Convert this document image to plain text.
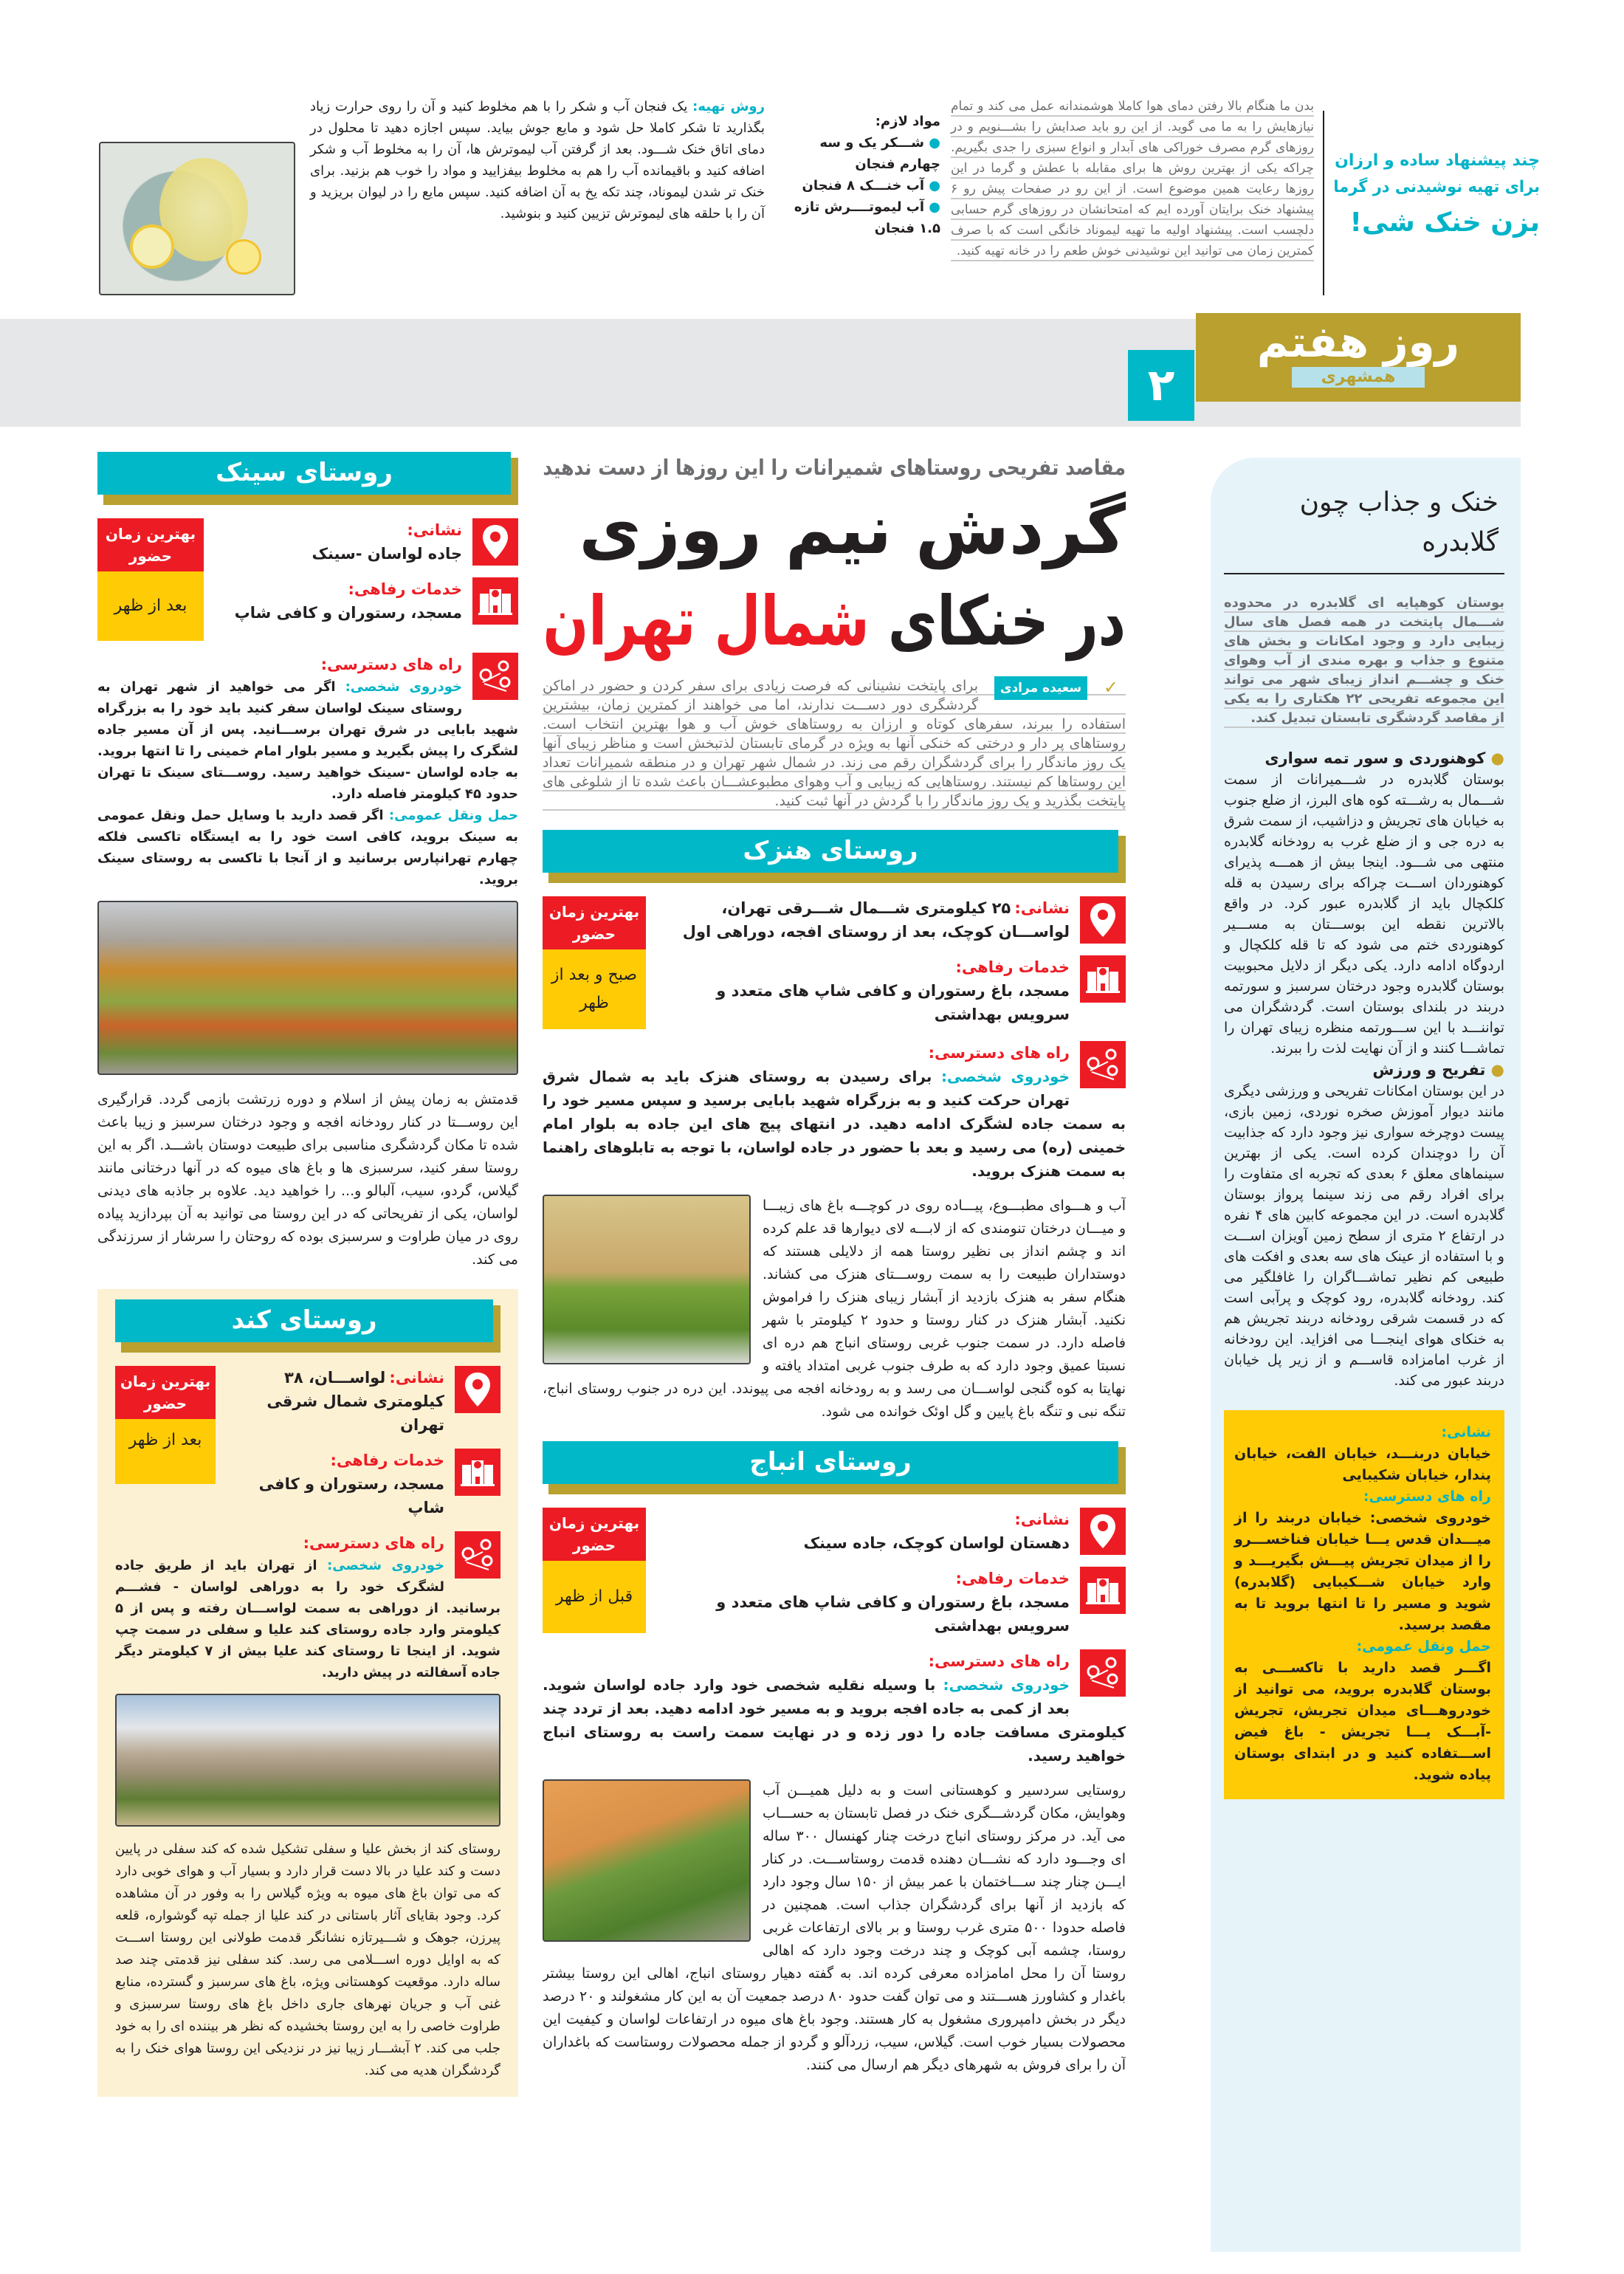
چند پیشنهاد ساده و ارزان
برای تهیه نوشیدنی در گرما
بزن خنک شی!
بدن ما هنگام بالا رفتن دمای هوا کاملا هوشمندانه عمل می کند و تمام نیازهایش را به ما می گوید. از این رو باید صدایش را بشـــنویم و در روزهای گرم مصرف خوراکی های آبدار و انواع سبزی را جدی بگیریم. چراکه یکی از بهترین روش ها برای مقابله با عطش و گرما در این روزها رعایت همین موضوع است. از این رو در صفحات پیش رو ۶ پیشنهاد خنک برایتان آورده ایم که امتحانشان در روزهای گرم حسابی دلچسب است. پیشنهاد اولیه ما تهیه لیموناد خانگی است که با صرف کمترین زمان می توانید این نوشیدنی خوش طعم را در خانه تهیه کنید.
مواد لازم:
● شـــکر یک و سه چهارم فنجان
● آب خنـــک ۸ فنجان
● آب لیموتــــرش تازه ۱.۵ فنجان
روش تهیه: یک فنجان آب و شکر را با هم مخلوط کنید و آن را روی حرارت زیاد بگذارید تا شکر کاملا حل شود و مایع جوش بیاید. سپس اجازه دهید تا محلول در دمای اتاق خنک شـــود. بعد از گرفتن آب لیموترش ها، آن را به مخلوط آب و شکر اضافه کنید و باقیمانده آب را هم به مخلوط بیفزایید و مواد را خوب هم بزنید. برای خنک تر شدن لیموناد، چند تکه یخ به آن اضافه کنید. سپس مایع را در لیوان بریزید و آن را با حلقه های لیموترش تزیین کنید و بنوشید.
روز هفتم
همشهری
۲
خنک و جذاب چون گلابدره
بوستان کوهپایه ای گلابدره در محدوده شـــمال پایتخت در همه فصل های سال زیبایی دارد و وجود امکانات و بخش های متنوع و جذاب و بهره مندی از آب وهوای خنک و چشـــم انداز زیبای شهر می تواند این مجموعه تفریحی ۲۲ هکتاری را به یکی از مقاصد گردشگری تابستان تبدیل کند.
● کوهنوردی و سور تمه سواری
بوستان گلابدره در شـــمیرانات از سمت شـــمال به رشـــته کوه های البرز، از ضلع جنوب به خیابان های تجریش و دزاشیب، از سمت شرق به دره جی و از ضلع غرب به رودخانه گلابدره منتهی می شـــود. اینجا بیش از همـــه پذیرای کوهنوردان اســـت چراکه برای رسیدن به قله کلکچال باید از گلابدره عبور کرد. در واقع بالاترین نقطه این بوســـتان به مســـیر کوهنوردی ختم می شود که تا قله کلکچال و اردوگاه ادامه دارد. یکی دیگر از دلایل محبوبیت بوستان گلابدره وجود درختان سرسبز و سورتمه دربند در بلندای بوستان است. گردشگران می تواننـــد با این ســـورتمه منظره زیبای تهران را تماشـــا کنند و از آن نهایت لذت را ببرند.
● تفریح و ورزش
در این بوستان امکانات تفریحی و ورزشی دیگری مانند دیوار آموزش صخره نوردی، زمین بازی، پیست دوچرخه سواری نیز وجود دارد که جذابیت آن را دوچندان کرده است. یکی از بهترین سینماهای معلق ۶ بعدی که تجربه ای متفاوت را برای افراد رقم می زند سینما پرواز بوستان گلابدره است. در این مجموعه کابین های ۴ نفره در ارتفاع ۲ متری از سطح زمین آویزان اســـت و با استفاده از عینک های سه بعدی و افکت های طبیعی کم نظیر تماشـــاگران را غافلگیر می کند. رودخانه گلابدره، رود کوچک و پرآبی است که در قسمت شرقی رودخانه دربند تجریش هم به خنکای هوای اینجـــا می افزاید. این رودخانه از غرب امامزاده قاســـم و از زیر پل خیابان دربند عبور می کند.
نشانی:
خیابان دربنـــد، خیابان الفت، خیابان پندار، خیابان شکیبایی
راه های دسترسی:
خودروی شخصی: خیابان دربند را از میـــدان قدس یـــا خیابان فناخســـرو را از میدان تجریش پیـــش بگیریـــد و وارد خیابان شـــکیبایی (گلابدره) شوید و مسیر را تا انتها بروید تا به مقصد برسید.
حمل ونقل عمومی:
اگـــر قصد دارید با تاکســـی به بوستان گلابدره بروید، می توانید از خودروهـــای میدان تجریش، تجریش -آبـــک یـــا تجریش - باغ فیض اســـتفاده کنید و در ابتدای بوستان پیاده شوید.
مقاصد تفریحی روستاهای شمیرانات را این روزها از دست ندهید
گردش نیم روزی
در خنکای شمال تهران
سعیده مرادی	✓
برای پایتخت نشینانی که فرصت زیادی برای سفر کردن و حضور در اماکن گردشگری دور دســـت ندارند، اما می خواهند از کمترین زمان، بیشترین استفاده را ببرند، سفرهای کوتاه و ارزان به روستاهای خوش آب و هوا بهترین انتخاب است. روستاهای پر دار و درختی که خنکی آنها به ویژه در گرمای تابستان لذتبخش است و مناظر زیبای آنها یک روز ماندگار را برای گردشگران رقم می زند. در شمال شهر تهران و در منطقه شمیرانات تعداد این روستاها کم نیستند. روستاهایی که زیبایی و آب وهوای مطبوعشـــان باعث شده تا از شلوغی های پایتخت بگذرید و یک روز ماندگار را با گردش در آنها ثبت کنید.
روستای هنزک
نشانی: ۲۵ کیلومتری شـــمال شـــرقی تهران، لواســـان کوچک، بعد از روستای افجه، دوراهی اول
خدمات رفاهی:
مسجد، باغ رستوران و کافی شاپ های متعدد و سرویس بهداشتی
بهترین زمان حضور
صبح و بعد از ظهر
راه های دسترسی:
خودروی شخصی: برای رسیدن به روستای هنزک باید به شمال شرق تهران حرکت کنید و به بزرگراه شهید بابایی برسید و سپس مسیر خود را به سمت جاده لشگرک ادامه دهید. در انتهای پیچ های این جاده به بلوار امام خمینی (ره) می رسید و بعد با حضور در جاده لواسان، با توجه به تابلوهای راهنما به سمت هنزک بروید.
آب و هـــوای مطبـــوع، پیـــاده روی در کوچـــه باغ های زیبـــا و میـــان درختان تنومندی که از لابـــه لای دیوارها قد علم کرده اند و چشم انداز بی نظیر روستا همه از دلایلی هستند که دوستداران طبیعت را به سمت روســـتای هنزک می کشاند. هنگام سفر به هنزک بازدید از آبشار زیبای هنزک را فراموش نکنید. آبشار هنزک در کنار روستا و حدود ۲ کیلومتر با شهر فاصله دارد. در سمت جنوب غربی روستای انباج هم دره ای نسبتا عمیق وجود دارد که به طرف جنوب غربی امتداد یافته و نهایتا به کوه گنجی لواســـان می رسد و به رودخانه افجه می پیوندد. این دره در جنوب روستای انباج، تنگه نبی و تنگه باغ پایین و گل اوئک خوانده می شود.
روستای انباج
نشانی:
دهستان لواسان کوچک، جاده سینک
خدمات رفاهی:
مسجد، باغ رستوران و کافی شاپ های متعدد و سرویس بهداشتی
بهترین زمان حضور
قبل از ظهر
راه های دسترسی:
خودروی شخصی: با وسیله نقلیه شخصی خود وارد جاده لواسان شوید. بعد از کمی به جاده افجه بروید و به مسیر خود ادامه دهید. بعد از تردد چند کیلومتری مسافت جاده را دور زده و در نهایت سمت راست به روستای انباج خواهید رسید.
روستایی سردسیر و کوهستانی است و به دلیل همیـــن آب وهوایش، مکان گردشـــگری خنک در فصل تابستان به حســـاب می آید. در مرکز روستای انباج درخت چنار کهنسال ۳۰۰ ساله ای وجـــود دارد که نشـــان دهنده قدمت روستاســـت. در کنار ایـــن چنار چند ســـاختمان با عمر بیش از ۱۵۰ سال وجود دارد که بازدید از آنها برای گردشگران جذاب است. همچنین در فاصله حدودا ۵۰۰ متری غرب روستا و بر بالای ارتفاعات غربی روستا، چشمه آبی کوچک و چند درخت وجود دارد که اهالی روستا آن را محل امامزاده معرفی کرده اند. به گفته دهیار روستای انباج، اهالی این روستا بیشتر باغدار و کشاورز هســـتند و می توان گفت حدود ۸۰ درصد جمعیت آن به این کار مشغولند و ۲۰ درصد دیگر در بخش دامپروری مشغول به کار هستند. وجود باغ های میوه در ارتفاعات لواسان و کیفیت این محصولات بسیار خوب است. گیلاس، سیب، زردآلو و گردو از جمله محصولات روستاست که باغداران آن را برای فروش به شهرهای دیگر هم ارسال می کنند.
روستای سینک
نشانی:
جاده لواسان -سینک
خدمات رفاهی:
مسجد، رستوران و کافی شاپ
بهترین زمان حضور
بعد از ظهر
راه های دسترسی:
خودروی شخصی: اگر می خواهید از شهر تهران به روستای سینک لواسان سفر کنید باید خود را به بزرگراه شهید بابایی در شرق تهران برســـانید. پس از آن مسیر جاده لشگرک را پیش بگیرید و مسیر بلوار امام خمینی را تا انتها بروید. به جاده لواسان -سینک خواهید رسید. روســـتای سینک تا تهران حدود ۴۵ کیلومتر فاصله دارد.
حمل ونقل عمومی: اگر قصد دارید با وسایل حمل ونقل عمومی به سینک بروید، کافی است خود را به ایستگاه تاکسی فلکه چهارم تهرانپارس برسانید و از آنجا با تاکسی به روستای سینک بروید.
قدمتش به زمان پیش از اسلام و دوره زرتشت بازمی گردد. قرارگیری این روســـتا در کنار رودخانه افجه و وجود درختان سرسبز و زیبا باعث شده تا مکان گردشگری مناسبی برای طبیعت دوستان باشـــد. اگر به این روستا سفر کنید، سرسبزی ها و باغ های میوه که در آنها درختانی مانند گیلاس، گردو، سیب، آلبالو و... را خواهید دید. علاوه بر جاذبه های دیدنی لواسان، یکی از تفریحاتی که در این روستا می توانید به آن بپردازید پیاده روی در میان طراوت و سرسبزی بوده که روحتان را سرشار از سرزندگی می کند.
روستای کند
نشانی: لواســـان، ۳۸ کیلومتری شمال شرقی تهران
خدمات رفاهی:
مسجد، رستوران و کافی شاپ
بهترین زمان حضور
بعد از ظهر
راه های دسترسی:
خودروی شخصی: از تهران باید از طریق جاده لشگرک خود را به دوراهی لواسان - فشـــم برسانید. از دوراهی به سمت لواســـان رفته و پس از ۵ کیلومتر وارد جاده روستای کند علیا و سفلی در سمت چپ شوید. از اینجا تا روستای کند علیا بیش از ۷ کیلومتر دیگر جاده آسفالته در پیش دارید.
روستای کند از بخش علیا و سفلی تشکیل شده که کند سفلی در پایین دست و کند علیا در بالا دست قرار دارد و بسیار آب و هوای خوبی دارد که می توان باغ های میوه به ویژه گیلاس را به وفور در آن مشاهده کرد. وجود بقایای آثار باستانی در کند علیا از جمله تپه گوشواره، قلعه پیرزن، جوهک و شـــیرتازه نشانگر قدمت طولانی این روستا اســـت که به اوایل دوره اســـلامی می رسد. کند سفلی نیز قدمتی چند صد ساله دارد. موقعیت کوهستانی ویژه، باغ های سرسبز و گسترده، منابع غنی آب و جریان نهرهای جاری داخل باغ های روستا سرسبزی و طراوت خاصی را به این روستا بخشیده که نظر هر بیننده ای را به خود جلب می کند. ۲ آبشـــار زیبا نیز در نزدیکی این روستا هوای خنک را به گردشگران هدیه می کند.
